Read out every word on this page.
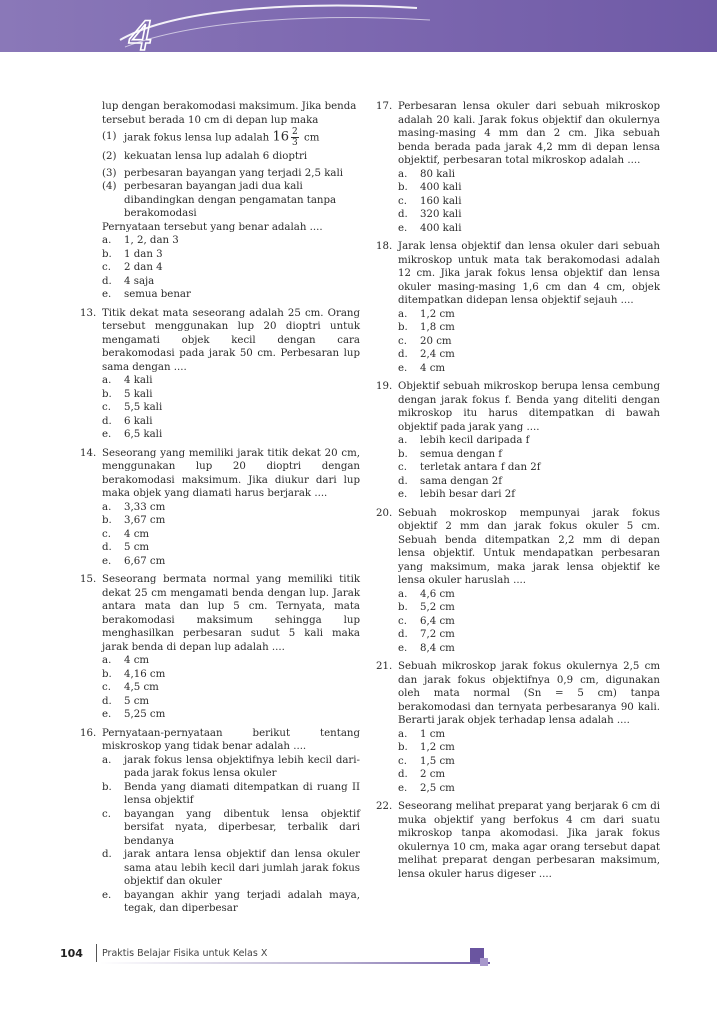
4
lup dengan berakomodasi maksimum. Jika benda
tersebut berada 10 cm di depan lup maka
(1) jarak fokus lensa lup adalah $16 \frac{2}{3}$ cm
(2) kekuatan lensa lup adalah 6 dioptri
(3) perbesaran bayangan yang terjadi 2,5 kali
(4) perbesaran bayangan jadi dua kali dibandingkan dengan pengamatan tanpa berakomodasi
Pernyataan tersebut yang benar adalah ....
a. 1, 2, dan 3
b. 1 dan 3
c. 2 dan 4
d. 4 saja
e. semua benar
13. Titik dekat mata seseorang adalah 25 cm. Orang tersebut menggunakan lup 20 dioptri untuk mengamati objek kecil dengan cara berakomodasi pada jarak 50 cm. Perbesaran lup sama dengan ....
a. 4 kali
b. 5 kali
c. 5,5 kali
d. 6 kali
e. 6,5 kali
14. Seseorang yang memiliki jarak titik dekat 20 cm, menggunakan lup 20 dioptri dengan berakomodasi maksimum. Jika diukur dari lup maka objek yang diamati harus berjarak ....
a. 3,33 cm
b. 3,67 cm
c. 4 cm
d. 5 cm
e. 6,67 cm
15. Seseorang bermata normal yang memiliki titik dekat 25 cm mengamati benda dengan lup. Jarak antara mata dan lup 5 cm. Ternyata, mata berakomodasi maksimum sehingga lup menghasilkan perbesaran sudut 5 kali maka jarak benda di depan lup adalah ....
a. 4 cm
b. 4,16 cm
c. 4,5 cm
d. 5 cm
e. 5,25 cm
16. Pernyataan-pernyataan berikut tentang miskroskop yang tidak benar adalah ....
a. jarak fokus lensa objektifnya lebih kecil dari-pada jarak fokus lensa okuler
b. Benda yang diamati ditempatkan di ruang II lensa objektif
c. bayangan yang dibentuk lensa objektif bersifat nyata, diperbesar, terbalik dari bendanya
d. jarak antara lensa objektif dan lensa okuler sama atau lebih kecil dari jumlah jarak fokus objektif dan okuler
e. bayangan akhir yang terjadi adalah maya, tegak, dan diperbesar
17. Perbesaran lensa okuler dari sebuah mikroskop adalah 20 kali. Jarak fokus objektif dan okulernya masing-masing 4 mm dan 2 cm. Jika sebuah benda berada pada jarak 4,2 mm di depan lensa objektif, perbesaran total mikroskop adalah ....
a. 80 kali
b. 400 kali
c. 160 kali
d. 320 kali
e. 400 kali
18. Jarak lensa objektif dan lensa okuler dari sebuah mikroskop untuk mata tak berakomodasi adalah 12 cm. Jika jarak fokus lensa objektif dan lensa okuler masing-masing 1,6 cm dan 4 cm, objek ditempatkan didepan lensa objektif sejauh ....
a. 1,2 cm
b. 1,8 cm
c. 20 cm
d. 2,4 cm
e. 4 cm
19. Objektif sebuah mikroskop berupa lensa cembung dengan jarak fokus f. Benda yang diteliti dengan mikroskop itu harus ditempatkan di bawah objektif pada jarak yang ....
a. lebih kecil daripada f
b. semua dengan f
c. terletak antara f dan 2f
d. sama dengan 2f
e. lebih besar dari 2f
20. Sebuah mokroskop mempunyai jarak fokus objektif 2 mm dan jarak fokus okuler 5 cm. Sebuah benda ditempatkan 2,2 mm di depan lensa objektif. Untuk mendapatkan perbesaran yang maksimum, maka jarak lensa objektif ke lensa okuler haruslah ....
a. 4,6 cm
b. 5,2 cm
c. 6,4 cm
d. 7,2 cm
e. 8,4 cm
21. Sebuah mikroskop jarak fokus okulernya 2,5 cm dan jarak fokus objektifnya 0,9 cm, digunakan oleh mata normal (Sn = 5 cm) tanpa berakomodasi dan ternyata perbesaranya 90 kali. Berarti jarak objek terhadap lensa adalah ....
a. 1 cm
b. 1,2 cm
c. 1,5 cm
d. 2 cm
e. 2,5 cm
22. Seseorang melihat preparat yang berjarak 6 cm di muka objektif yang berfokus 4 cm dari suatu mikroskop tanpa akomodasi. Jika jarak fokus okulernya 10 cm, maka agar orang tersebut dapat melihat preparat dengan perbesaran maksimum, lensa okuler harus digeser ....
104 Praktis Belajar Fisika untuk Kelas X
